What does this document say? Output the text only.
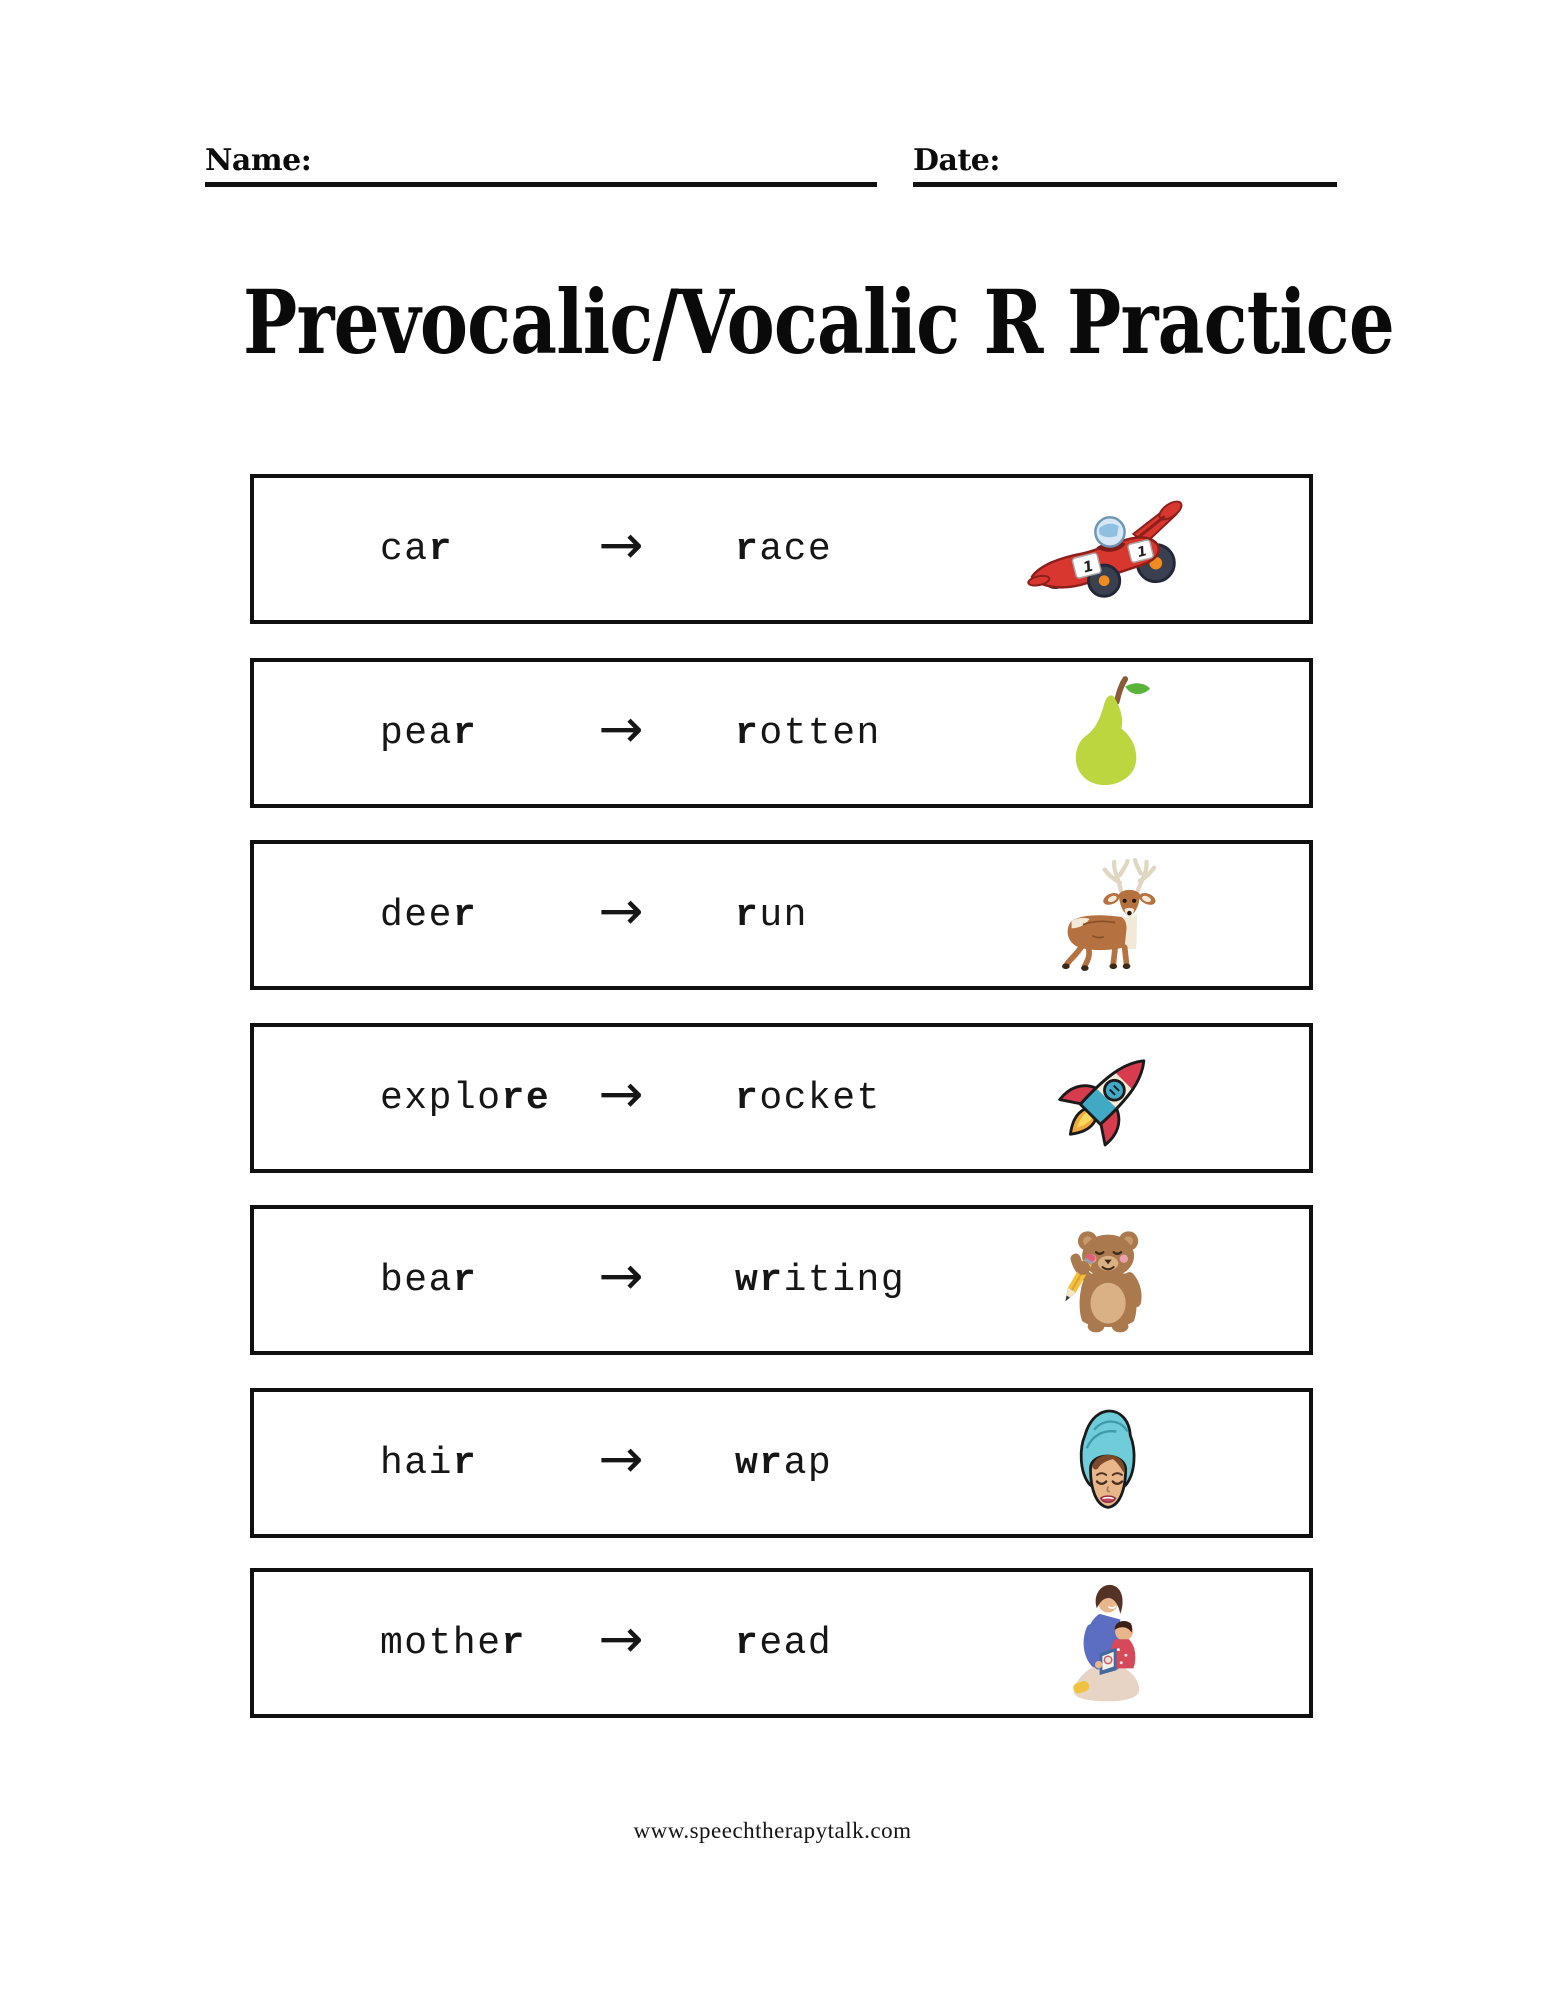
Name:	Date:
Prevocalic/Vocalic R Practice
car	→	race	1
1
pear	→	rotten
deer	→	run
explore →	rocket
bear	→	writing
hair	→	wrap
mother	→	read
www.speechtherapytalk.com
